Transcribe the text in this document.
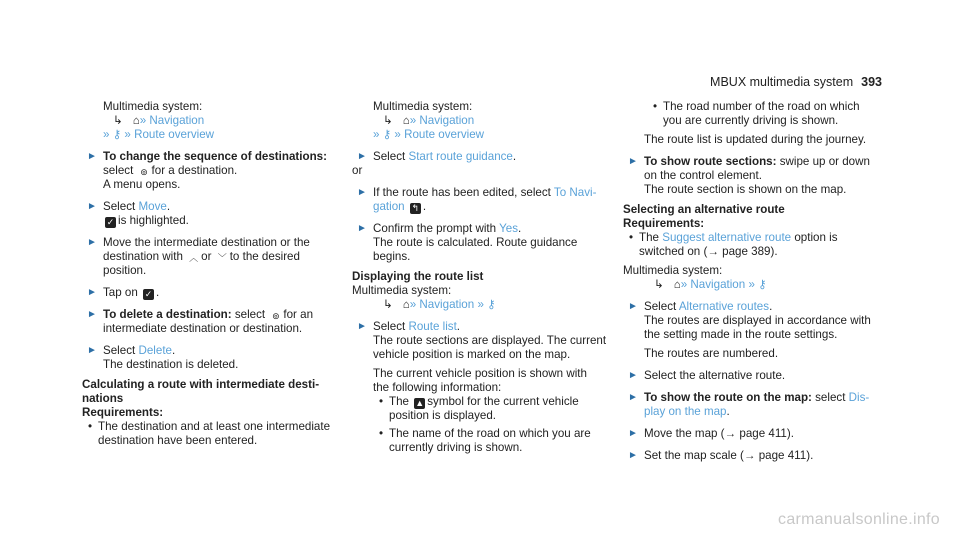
MBUX multimedia system 393

Multimedia system:

↳ ⌂» Navigation

» ⚷ » Route overview

► To change the sequence of destinations:

select ⊚ for a destination.

A menu opens.

► Select Move.

✓ is highlighted.

► Move the intermediate destination or the

destination with ︿ or ﹀ to the desired

position.

► Tap on ✓ .

► To delete a destination: select ⊚ for an

intermediate destination or destination.

► Select Delete.

The destination is deleted.

Calculating a route with intermediate desti-

nations

Requirements:

• The destination and at least one intermediate

destination have been entered.

Multimedia system:

↳ ⌂» Navigation

» ⚷ » Route overview

► Select Start route guidance.

or

► If the route has been edited, select To Navi-

gation ↰ .

► Confirm the prompt with Yes.

The route is calculated. Route guidance

begins.

Displaying the route list

Multimedia system:

↳ ⌂» Navigation » ⚷

► Select Route list.

The route sections are displayed. The current

vehicle position is marked on the map.

The current vehicle position is shown with

the following information:

• The ▲ symbol for the current vehicle

position is displayed.

• The name of the road on which you are

currently driving is shown.

• The road number of the road on which

you are currently driving is shown.

The route list is updated during the journey.

► To show route sections: swipe up or down

on the control element.

The route section is shown on the map.

Selecting an alternative route

Requirements:

• The Suggest alternative route option is

switched on (→ page 389).

Multimedia system:

↳ ⌂» Navigation » ⚷

► Select Alternative routes.

The routes are displayed in accordance with

the setting made in the route settings.

The routes are numbered.

► Select the alternative route.

► To show the route on the map: select Dis-

play on the map.

► Move the map (→ page 411).

► Set the map scale (→ page 411).

carmanualsonline.info
